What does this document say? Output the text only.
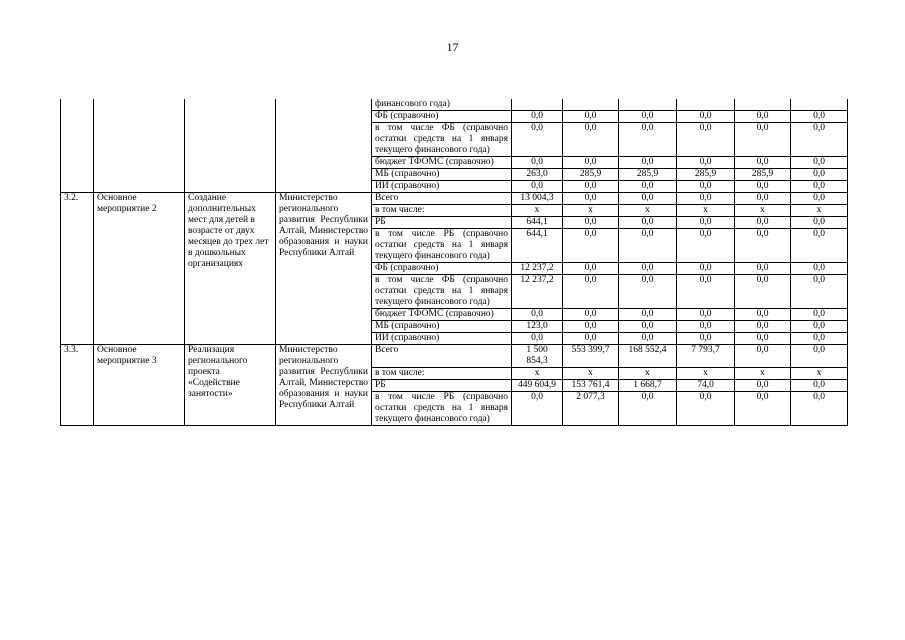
17
				финансового года)						
				ФБ (справочно)	0,0	0,0	0,0	0,0	0,0	0,0
				в том числе ФБ (справочно остатки средств на 1 января текущего финансового года)	0,0	0,0	0,0	0,0	0,0	0,0
				бюджет ТФОМС (справочно)	0,0	0,0	0,0	0,0	0,0	0,0
				МБ (справочно)	263,0	285,9	285,9	285,9	285,9	0,0
				ИИ (справочно)	0,0	0,0	0,0	0,0	0,0	0,0
3.2.	Основное мероприятие 2	Создание дополнительных мест для детей в возрасте от двух месяцев до трех лет в дошкольных организациях	Министерство регионального развития Республики Алтай, Министерство образования и науки Республики Алтай	Всего	13 004,3	0,0	0,0	0,0	0,0	0,0
				в том числе:	x	x	x	x	x	x
				РБ	644,1	0,0	0,0	0,0	0,0	0,0
				в том числе РБ (справочно остатки средств на 1 января текущего финансового года)	644,1	0,0	0,0	0,0	0,0	0,0
				ФБ (справочно)	12 237,2	0,0	0,0	0,0	0,0	0,0
				в том числе ФБ (справочно остатки средств на 1 января текущего финансового года)	12 237,2	0,0	0,0	0,0	0,0	0,0
				бюджет ТФОМС (справочно)	0,0	0,0	0,0	0,0	0,0	0,0
				МБ (справочно)	123,0	0,0	0,0	0,0	0,0	0,0
				ИИ (справочно)	0,0	0,0	0,0	0,0	0,0	0,0
3.3.	Основное мероприятие 3	Реализация регионального проекта «Содействие занятости»	Министерство регионального развития Республики Алтай, Министерство образования и науки Республики Алтай	Всего	1 500 854,3	553 399,7	168 552,4	7 793,7	0,0	0,0
				в том числе:	x	x	x	x	x	x
				РБ	449 604,9	153 761,4	1 668,7	74,0	0,0	0,0
				в том числе РБ (справочно остатки средств на 1 января текущего финансового года)	0,0	2 077,3	0,0	0,0	0,0	0,0
